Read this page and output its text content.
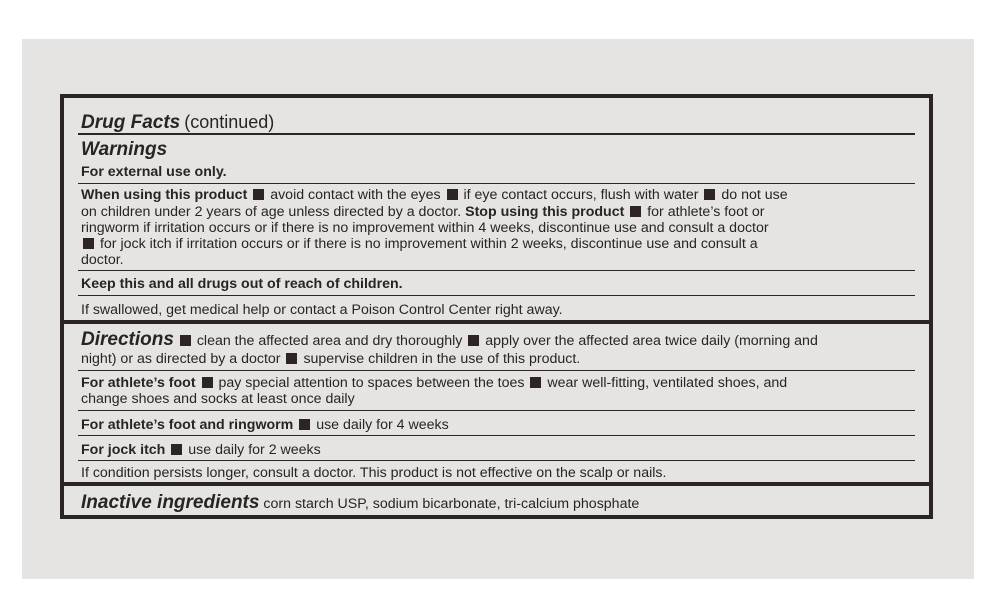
Drug Facts (continued)
Warnings
For external use only.
When using this product avoid contact with the eyes if eye contact occurs, flush with water do not use
on children under 2 years of age unless directed by a doctor. Stop using this product for athlete’s foot or
ringworm if irritation occurs or if there is no improvement within 4 weeks, discontinue use and consult a doctor
for jock itch if irritation occurs or if there is no improvement within 2 weeks, discontinue use and consult a
doctor.
Keep this and all drugs out of reach of children.
If swallowed, get medical help or contact a Poison Control Center right away.
Directions clean the affected area and dry thoroughly apply over the affected area twice daily (morning and
night) or as directed by a doctor supervise children in the use of this product.
For athlete’s foot pay special attention to spaces between the toes wear well-fitting, ventilated shoes, and
change shoes and socks at least once daily
For athlete’s foot and ringworm use daily for 4 weeks
For jock itch use daily for 2 weeks
If condition persists longer, consult a doctor. This product is not effective on the scalp or nails.
Inactive ingredients corn starch USP, sodium bicarbonate, tri-calcium phosphate
